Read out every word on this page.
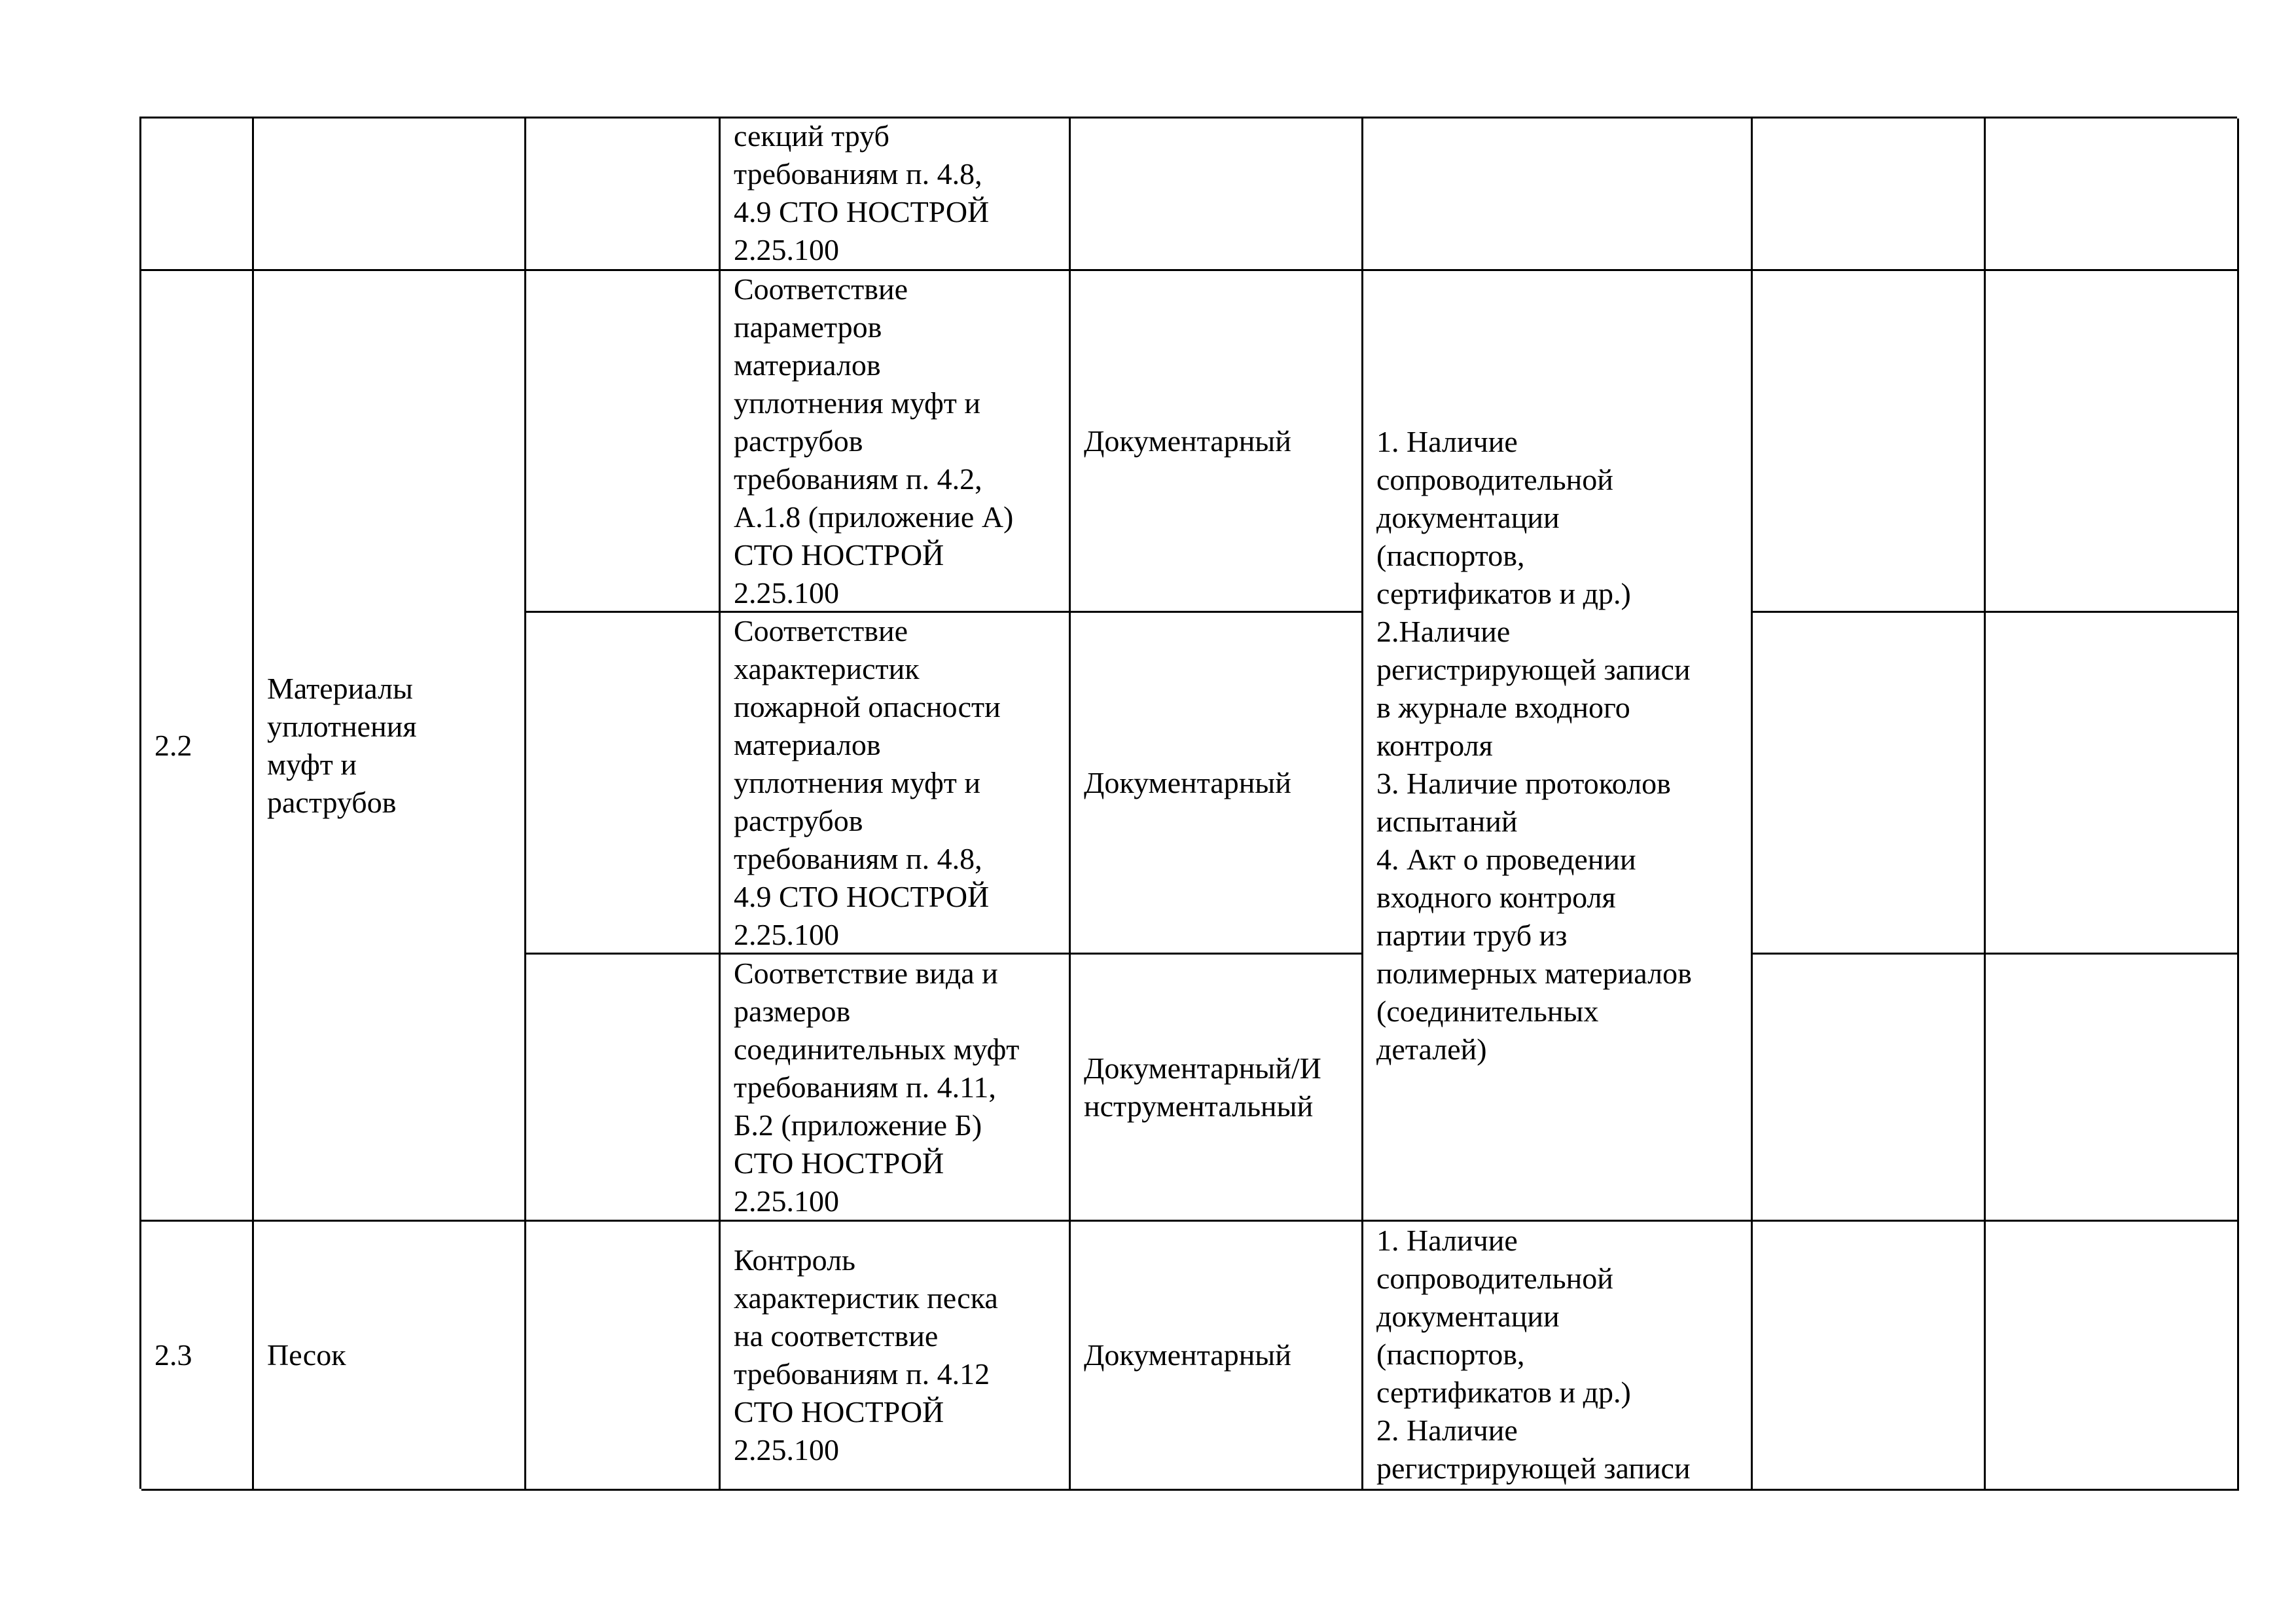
секций труб
требованиям п. 4.8,
4.9 СТО НОСТРОЙ
2.25.100
2.2
Материалы
уплотнения
муфт и
раструбов
1. Наличие
сопроводительной
документации
(паспортов,
сертификатов и др.)
2.Наличие
регистрирующей записи
в журнале входного
контроля
3. Наличие протоколов
испытаний
4. Акт о проведении
входного контроля
партии труб из
полимерных материалов
(соединительных
деталей)
Соответствие
параметров
материалов
уплотнения муфт и
раструбов
требованиям п. 4.2,
А.1.8 (приложение А)
СТО НОСТРОЙ
2.25.100
Документарный
Соответствие
характеристик
пожарной опасности
материалов
уплотнения муфт и
раструбов
требованиям п. 4.8,
4.9 СТО НОСТРОЙ
2.25.100
Документарный
Соответствие вида и
размеров
соединительных муфт
требованиям п. 4.11,
Б.2 (приложение Б)
СТО НОСТРОЙ
2.25.100
Документарный/И
нструментальный
2.3	Песок
Контроль
характеристик песка
на соответствие
требованиям п. 4.12
СТО НОСТРОЙ
2.25.100
Документарный
1. Наличие
сопроводительной
документации
(паспортов,
сертификатов и др.)
2. Наличие
регистрирующей записи
